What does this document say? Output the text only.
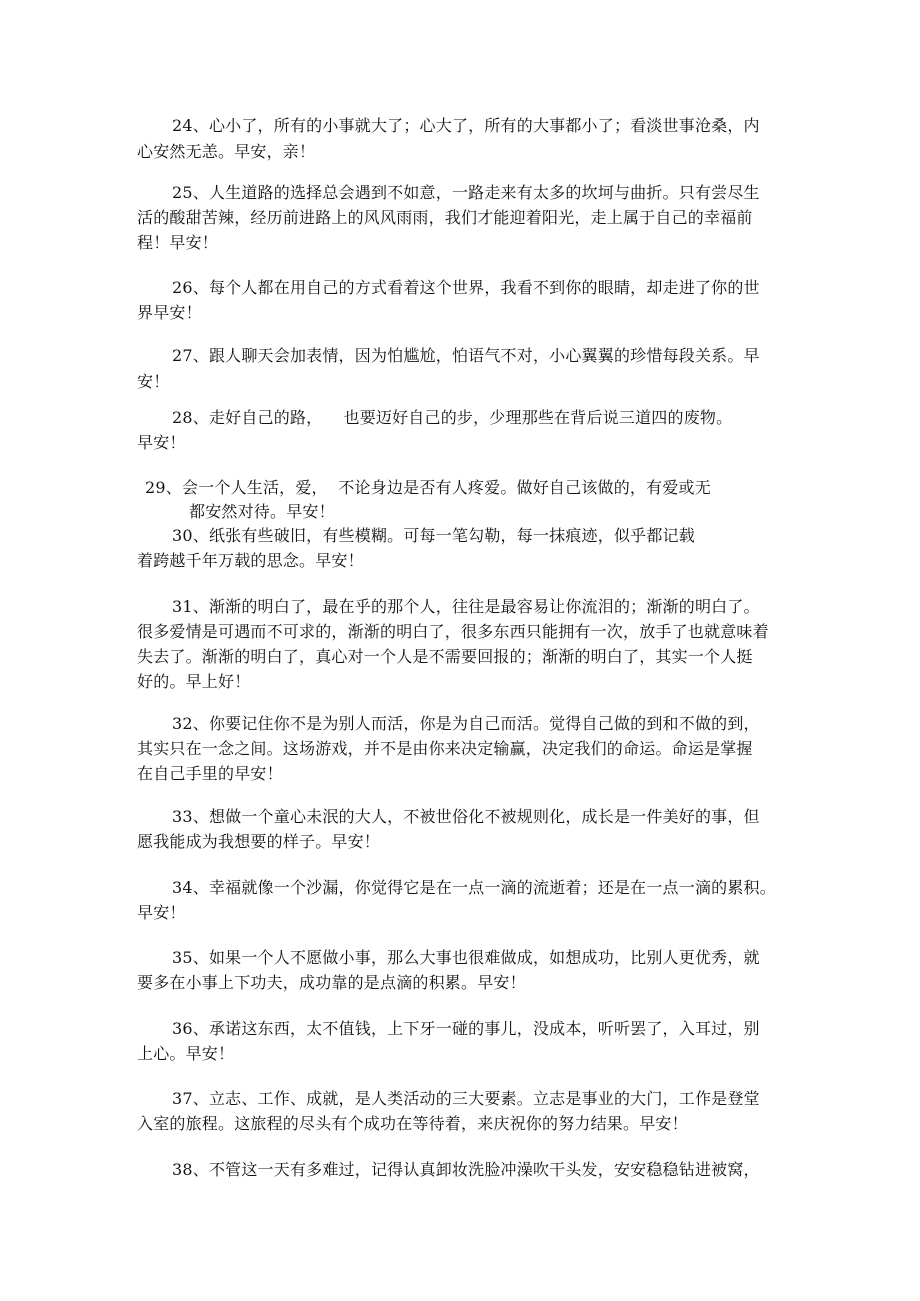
24、心小了，所有的小事就大了；心大了，所有的大事都小了；看淡世事沧桑，内
心安然无恙。早安，亲！
25、人生道路的选择总会遇到不如意，一路走来有太多的坎坷与曲折。只有尝尽生
活的酸甜苦辣，经历前进路上的风风雨雨，我们才能迎着阳光，走上属于自己的幸福前
程！早安！
26、每个人都在用自己的方式看着这个世界，我看不到你的眼睛，却走进了你的世
界早安！
27、跟人聊天会加表情，因为怕尴尬，怕语气不对，小心翼翼的珍惜每段关系。早
安！
28、走好自己的路，    也要迈好自己的步，少理那些在背后说三道四的废物。
早安！
29、会一个人生活，爱，  不论身边是否有人疼爱。做好自己该做的，有爱或无
都安然对待。早安！
30、纸张有些破旧，有些模糊。可每一笔勾勒，每一抹痕迹，似乎都记载
着跨越千年万载的思念。早安！
31、渐渐的明白了，最在乎的那个人，往往是最容易让你流泪的；渐渐的明白了。
很多爱情是可遇而不可求的，渐渐的明白了，很多东西只能拥有一次，放手了也就意味着
失去了。渐渐的明白了，真心对一个人是不需要回报的；渐渐的明白了，其实一个人挺
好的。早上好！
32、你要记住你不是为别人而活，你是为自己而活。觉得自己做的到和不做的到，
其实只在一念之间。这场游戏，并不是由你来决定输赢，决定我们的命运。命运是掌握
在自己手里的早安！
33、想做一个童心未泯的大人，不被世俗化不被规则化，成长是一件美好的事，但
愿我能成为我想要的样子。早安！
34、幸福就像一个沙漏，你觉得它是在一点一滴的流逝着；还是在一点一滴的累积。
早安！
35、如果一个人不愿做小事，那么大事也很难做成，如想成功，比别人更优秀，就
要多在小事上下功夫，成功靠的是点滴的积累。早安！
36、承诺这东西，太不值钱，上下牙一碰的事儿，没成本，听听罢了，入耳过，别
上心。早安！
37、立志、工作、成就，是人类活动的三大要素。立志是事业的大门，工作是登堂
入室的旅程。这旅程的尽头有个成功在等待着，来庆祝你的努力结果。早安！
38、不管这一天有多难过，记得认真卸妆洗脸冲澡吹干头发，安安稳稳钻进被窝，
